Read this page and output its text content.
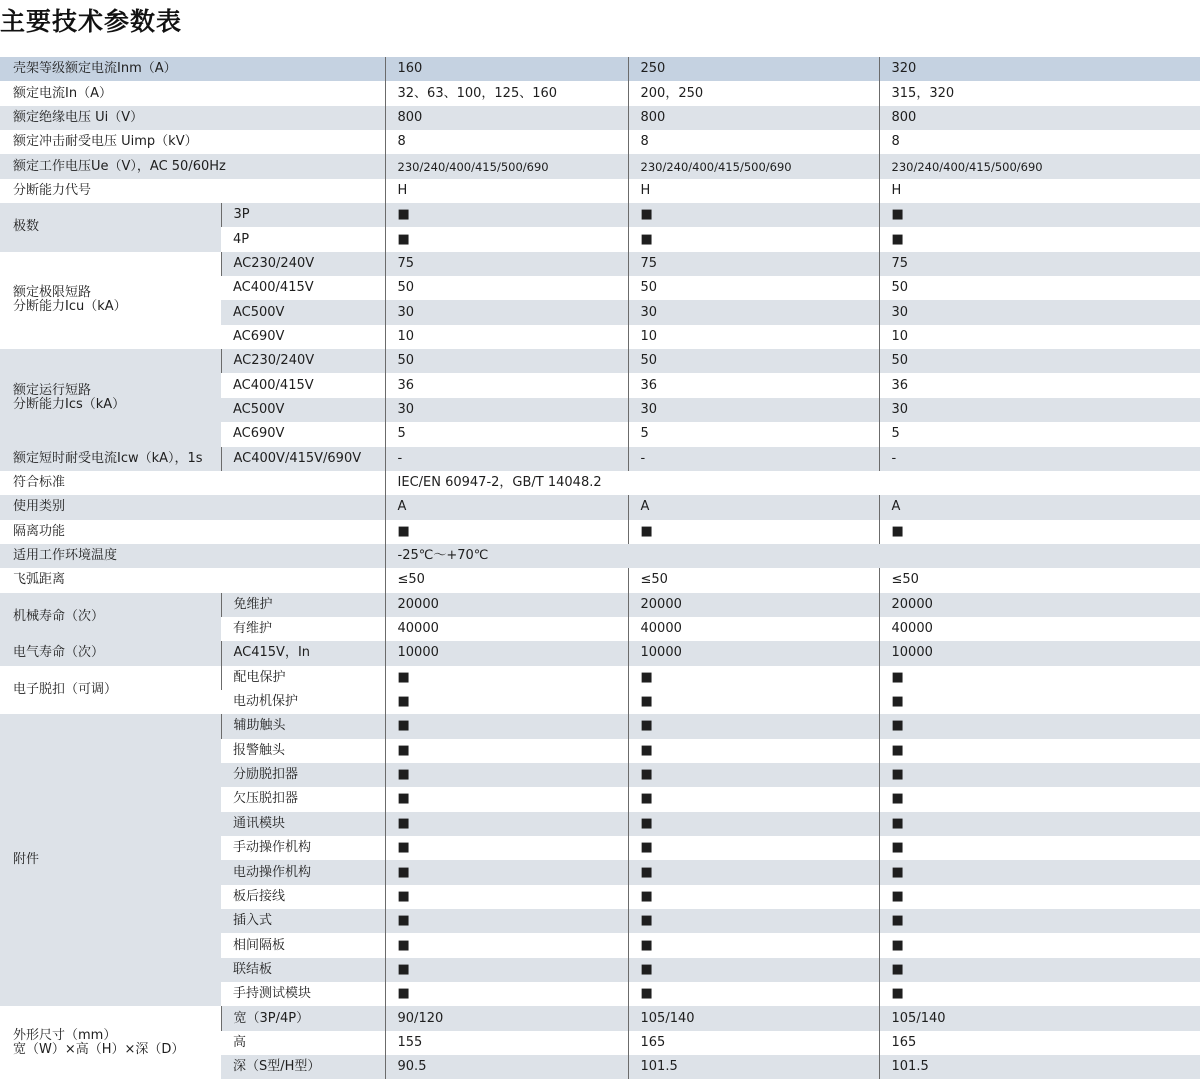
主要技术参数表
壳架等级额定电流Inm（A）		160	250	320
额定电流In（A）		32、63、100，125、160	200，250	315，320
额定绝缘电压 Ui（V）		800	800	800
额定冲击耐受电压 Uimp（kV）		8	8	8
额定工作电压Ue（V），AC 50/60Hz		230/240/400/415/500/690	230/240/400/415/500/690	230/240/400/415/500/690
分断能力代号		H	H	H
极数	3P	■	■	■
	4P	■	■	■

额定极限短路
分断能力Icu（kA）	AC230/240V	75	75	75
	AC400/415V	50	50	50
	AC500V	30	30	30
	AC690V	10	10	10

额定运行短路
分断能力Ics（kA）	AC230/240V	50	50	50
	AC400/415V	36	36	36
	AC500V	30	30	30
	AC690V	5	5	5
额定短时耐受电流Icw（kA），1s	AC400V/415V/690V	-	-	-
符合标准		IEC/EN 60947-2，GB/T 14048.2		
使用类别		A	A	A
隔离功能		■	■	■
适用工作环境温度		-25℃～+70℃		
飞弧距离		≤50	≤50	≤50
机械寿命（次）	免维护	20000	20000	20000
	有维护	40000	40000	40000
电气寿命（次）	AC415V，In	10000	10000	10000
电子脱扣（可调）	配电保护	■	■	■
	电动机保护	■	■	■
附件	辅助触头	■	■	■
	报警触头	■	■	■
	分励脱扣器	■	■	■
	欠压脱扣器	■	■	■
	通讯模块	■	■	■
	手动操作机构	■	■	■
	电动操作机构	■	■	■
	板后接线	■	■	■
	插入式	■	■	■
	相间隔板	■	■	■
	联结板	■	■	■
	手持测试模块	■	■	■

外形尺寸（mm）
宽（W）×高（H）×深（D）	宽（3P/4P）	90/120	105/140	105/140
	高	155	165	165
	深（S型/H型）	90.5	101.5	101.5
